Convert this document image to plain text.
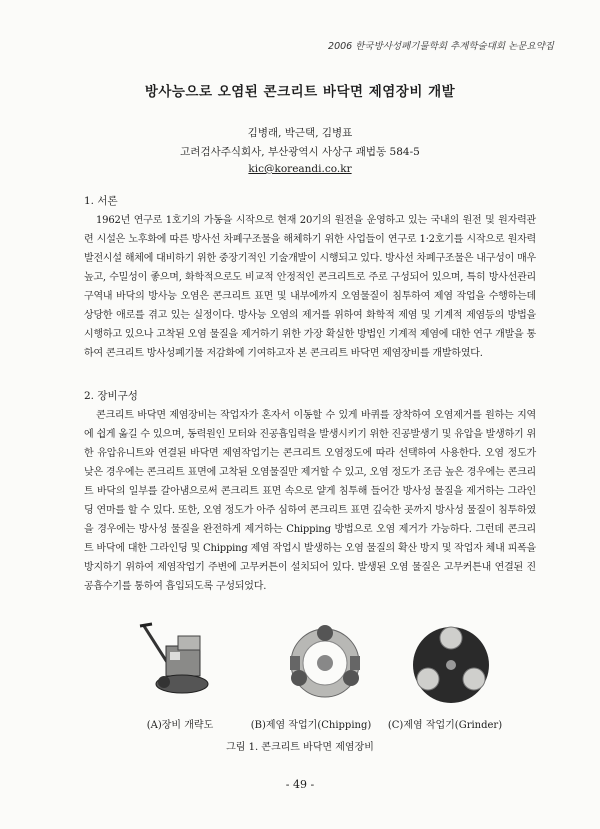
2006 한국방사성폐기물학회 추계학술대회 논문요약집
방사능으로 오염된 콘크리트 바닥면 제염장비 개발
김병래, 박근택, 김병표
고려검사주식회사, 부산광역시 사상구 괘법동 584-5
kic@koreandi.co.kr
1. 서론

1962년 연구로 1호기의 가동을 시작으로 현재 20기의 원전을 운영하고 있는 국내의 원전 및 원자력관련 시설은 노후화에 따른 방사선 차폐구조물을 해체하기 위한 사업들이 연구로 1·2호기를 시작으로 원자력발전시설 해체에 대비하기 위한 중장기적인 기술개발이 시행되고 있다. 방사선 차폐구조물은 내구성이 매우 높고, 수밀성이 좋으며, 화학적으로도 비교적 안정적인 콘크리트로 주로 구성되어 있으며, 특히 방사선관리구역내 바닥의 방사능 오염은 콘크리트 표면 및 내부에까지 오염물질이 침투하여 제염 작업을 수행하는데 상당한 애로를 겪고 있는 실정이다. 방사능 오염의 제거를 위하여 화학적 제염 및 기계적 제염등의 방법을 시행하고 있으나 고착된 오염 물질을 제거하기 위한 가장 확실한 방법인 기계적 제염에 대한 연구 개발을 통하여 콘크리트 방사성폐기물 저감화에 기여하고자 본 콘크리트 바닥면 제염장비를 개발하였다.

2. 장비구성

콘크리트 바닥면 제염장비는 작업자가 혼자서 이동할 수 있게 바퀴를 장착하여 오염제거를 원하는 지역에 쉽게 옮길 수 있으며, 동력원인 모터와 진공흡입력을 발생시키기 위한 진공발생기 및 유압을 발생하기 위한 유압유니트와 연결된 바닥면 제염작업기는 콘크리트 오염정도에 따라 선택하여 사용한다. 오염 정도가 낮은 경우에는 콘크리트 표면에 고착된 오염물질만 제거할 수 있고, 오염 정도가 조금 높은 경우에는 콘크리트 바닥의 일부를 갈아냄으로써 콘크리트 표면 속으로 얕게 침투해 들어간 방사성 물질을 제거하는 그라인딩 연마를 할 수 있다. 또한, 오염 정도가 아주 심하여 콘크리트 표면 깊숙한 곳까지 방사성 물질이 침투하였을 경우에는 방사성 물질을 완전하게 제거하는 Chipping 방법으로 오염 제거가 가능하다. 그런데 콘크리트 바닥에 대한 그라인딩 및 Chipping 제염 작업시 발생하는 오염 물질의 확산 방지 및 작업자 체내 피폭을 방지하기 위하여 제염작업기 주변에 고무커튼이 설치되어 있다. 발생된 오염 물질은 고무커튼내 연결된 진공흡수기를 통하여 흡입되도록 구성되었다.

(A)장비 개략도	(B)제염 작업기(Chipping)	(C)제염 작업기(Grinder)
그림 1. 콘크리트 바닥면 제염장비
- 49 -
